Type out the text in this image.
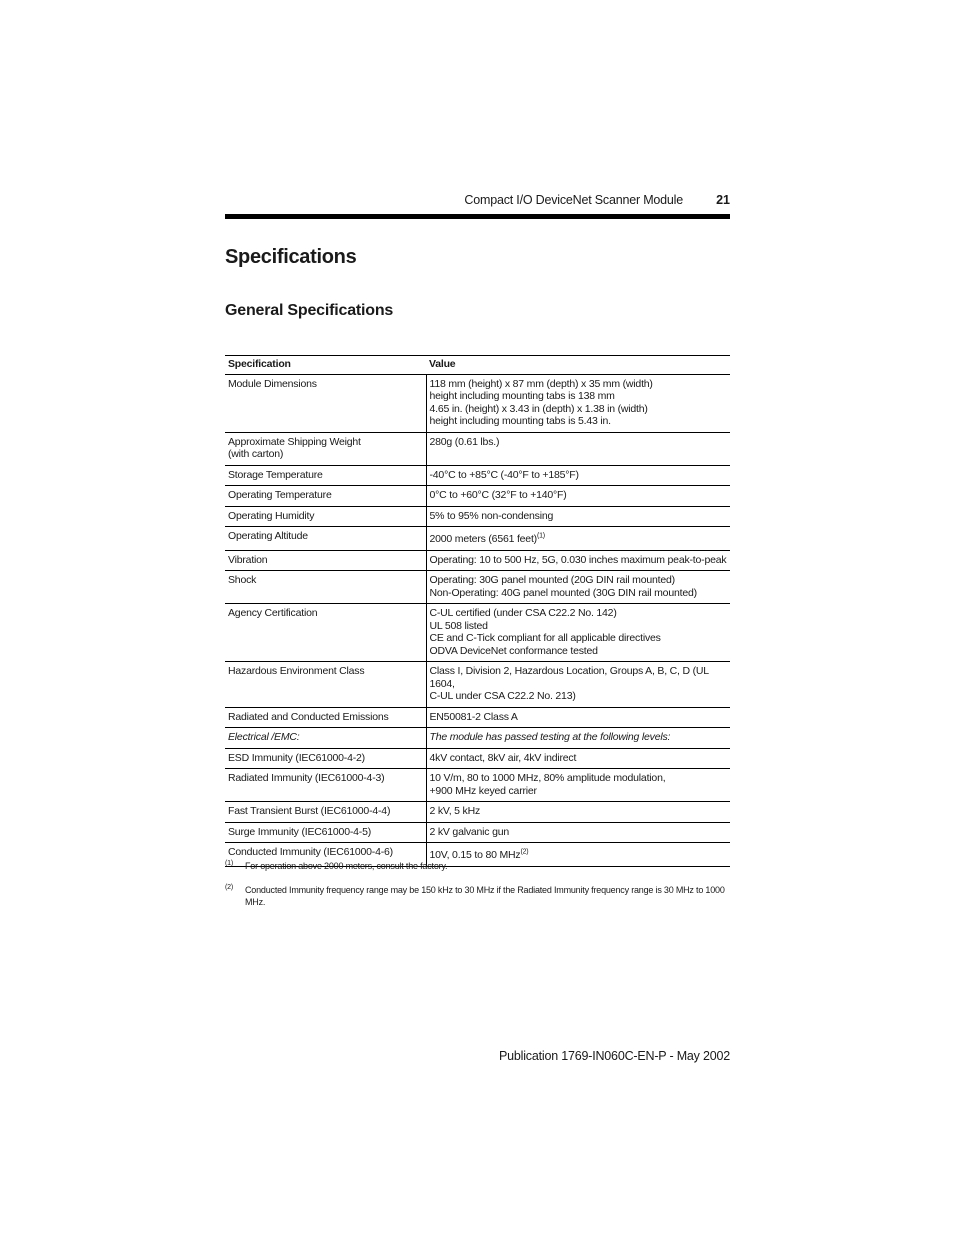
Compact I/O DeviceNet Scanner Module	21
Specifications
General Specifications
Specification	Value
Module Dimensions	118 mm (height) x 87 mm (depth) x 35 mm (width)
height including mounting tabs is 138 mm
4.65 in. (height) x 3.43 in (depth) x 1.38 in (width)
height including mounting tabs is 5.43 in.

Approximate Shipping Weight
(with carton)	280g (0.61 lbs.)
Storage Temperature	-40°C to +85°C (-40°F to +185°F)
Operating Temperature	0°C to +60°C (32°F to +140°F)
Operating Humidity	5% to 95% non-condensing
Operating Altitude	2000 meters (6561 feet)$^{(1)}$
Vibration	Operating: 10 to 500 Hz, 5G, 0.030 inches maximum peak-to-peak
Shock	Operating: 30G panel mounted (20G DIN rail mounted)
Non-Operating: 40G panel mounted (30G DIN rail mounted)

Agency Certification	C-UL certified (under CSA C22.2 No. 142)
UL 508 listed
CE and C-Tick compliant for all applicable directives
ODVA DeviceNet conformance tested

Hazardous Environment Class	Class I, Division 2, Hazardous Location, Groups A, B, C, D (UL 1604,
C-UL under CSA C22.2 No. 213)

Radiated and Conducted Emissions	EN50081-2 Class A
Electrical /EMC:	The module has passed testing at the following levels:
ESD Immunity (IEC61000-4-2)	4kV contact, 8kV air, 4kV indirect
Radiated Immunity (IEC61000-4-3)	10 V/m, 80 to 1000 MHz, 80% amplitude modulation,
+900 MHz keyed carrier

Fast Transient Burst (IEC61000-4-4)	2 kV, 5 kHz
Surge Immunity (IEC61000-4-5)	2 kV galvanic gun
Conducted Immunity (IEC61000-4-6)	10V, 0.15 to 80 MHz$^{(2)}$
(1) For operation above 2000 meters, consult the factory.
(2) Conducted Immunity frequency range may be 150 kHz to 30 MHz if the Radiated Immunity frequency range is 30 MHz to 1000 MHz.
Publication 1769-IN060C-EN-P - May 2002
